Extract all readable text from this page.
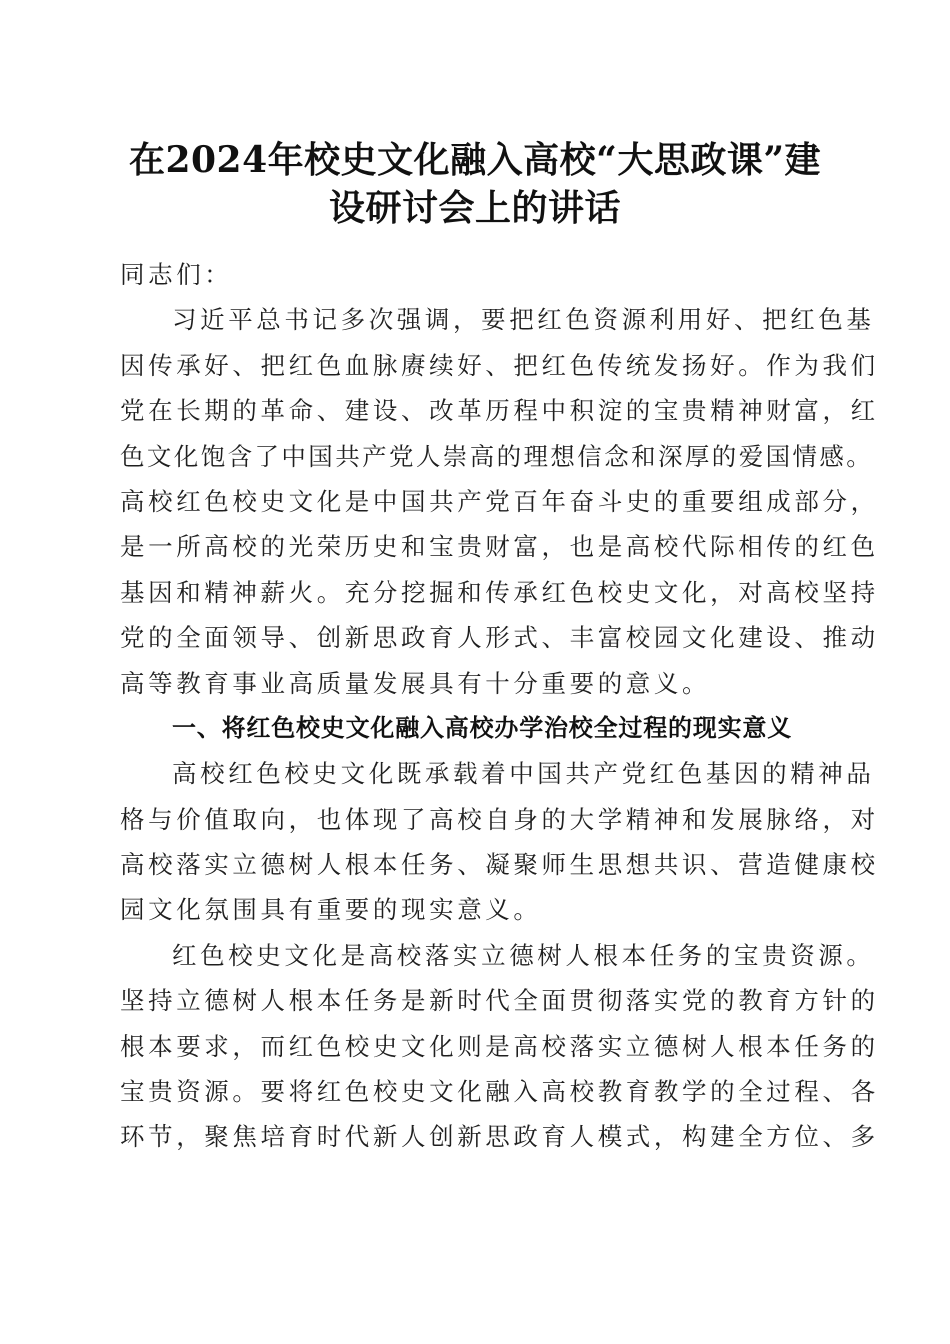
在2024年校史文化融入高校“大思政课”建
设研讨会上的讲话
同志们：
习近平总书记多次强调，要把红色资源利用好、把红色基
因传承好、把红色血脉赓续好、把红色传统发扬好。作为我们
党在长期的革命、建设、改革历程中积淀的宝贵精神财富，红
色文化饱含了中国共产党人崇高的理想信念和深厚的爱国情感。
高校红色校史文化是中国共产党百年奋斗史的重要组成部分，
是一所高校的光荣历史和宝贵财富，也是高校代际相传的红色
基因和精神薪火。充分挖掘和传承红色校史文化，对高校坚持
党的全面领导、创新思政育人形式、丰富校园文化建设、推动
高等教育事业高质量发展具有十分重要的意义。
一、将红色校史文化融入高校办学治校全过程的现实意义
高校红色校史文化既承载着中国共产党红色基因的精神品
格与价值取向，也体现了高校自身的大学精神和发展脉络，对
高校落实立德树人根本任务、凝聚师生思想共识、营造健康校
园文化氛围具有重要的现实意义。
红色校史文化是高校落实立德树人根本任务的宝贵资源。
坚持立德树人根本任务是新时代全面贯彻落实党的教育方针的
根本要求，而红色校史文化则是高校落实立德树人根本任务的
宝贵资源。要将红色校史文化融入高校教育教学的全过程、各
环节，聚焦培育时代新人创新思政育人模式，构建全方位、多
